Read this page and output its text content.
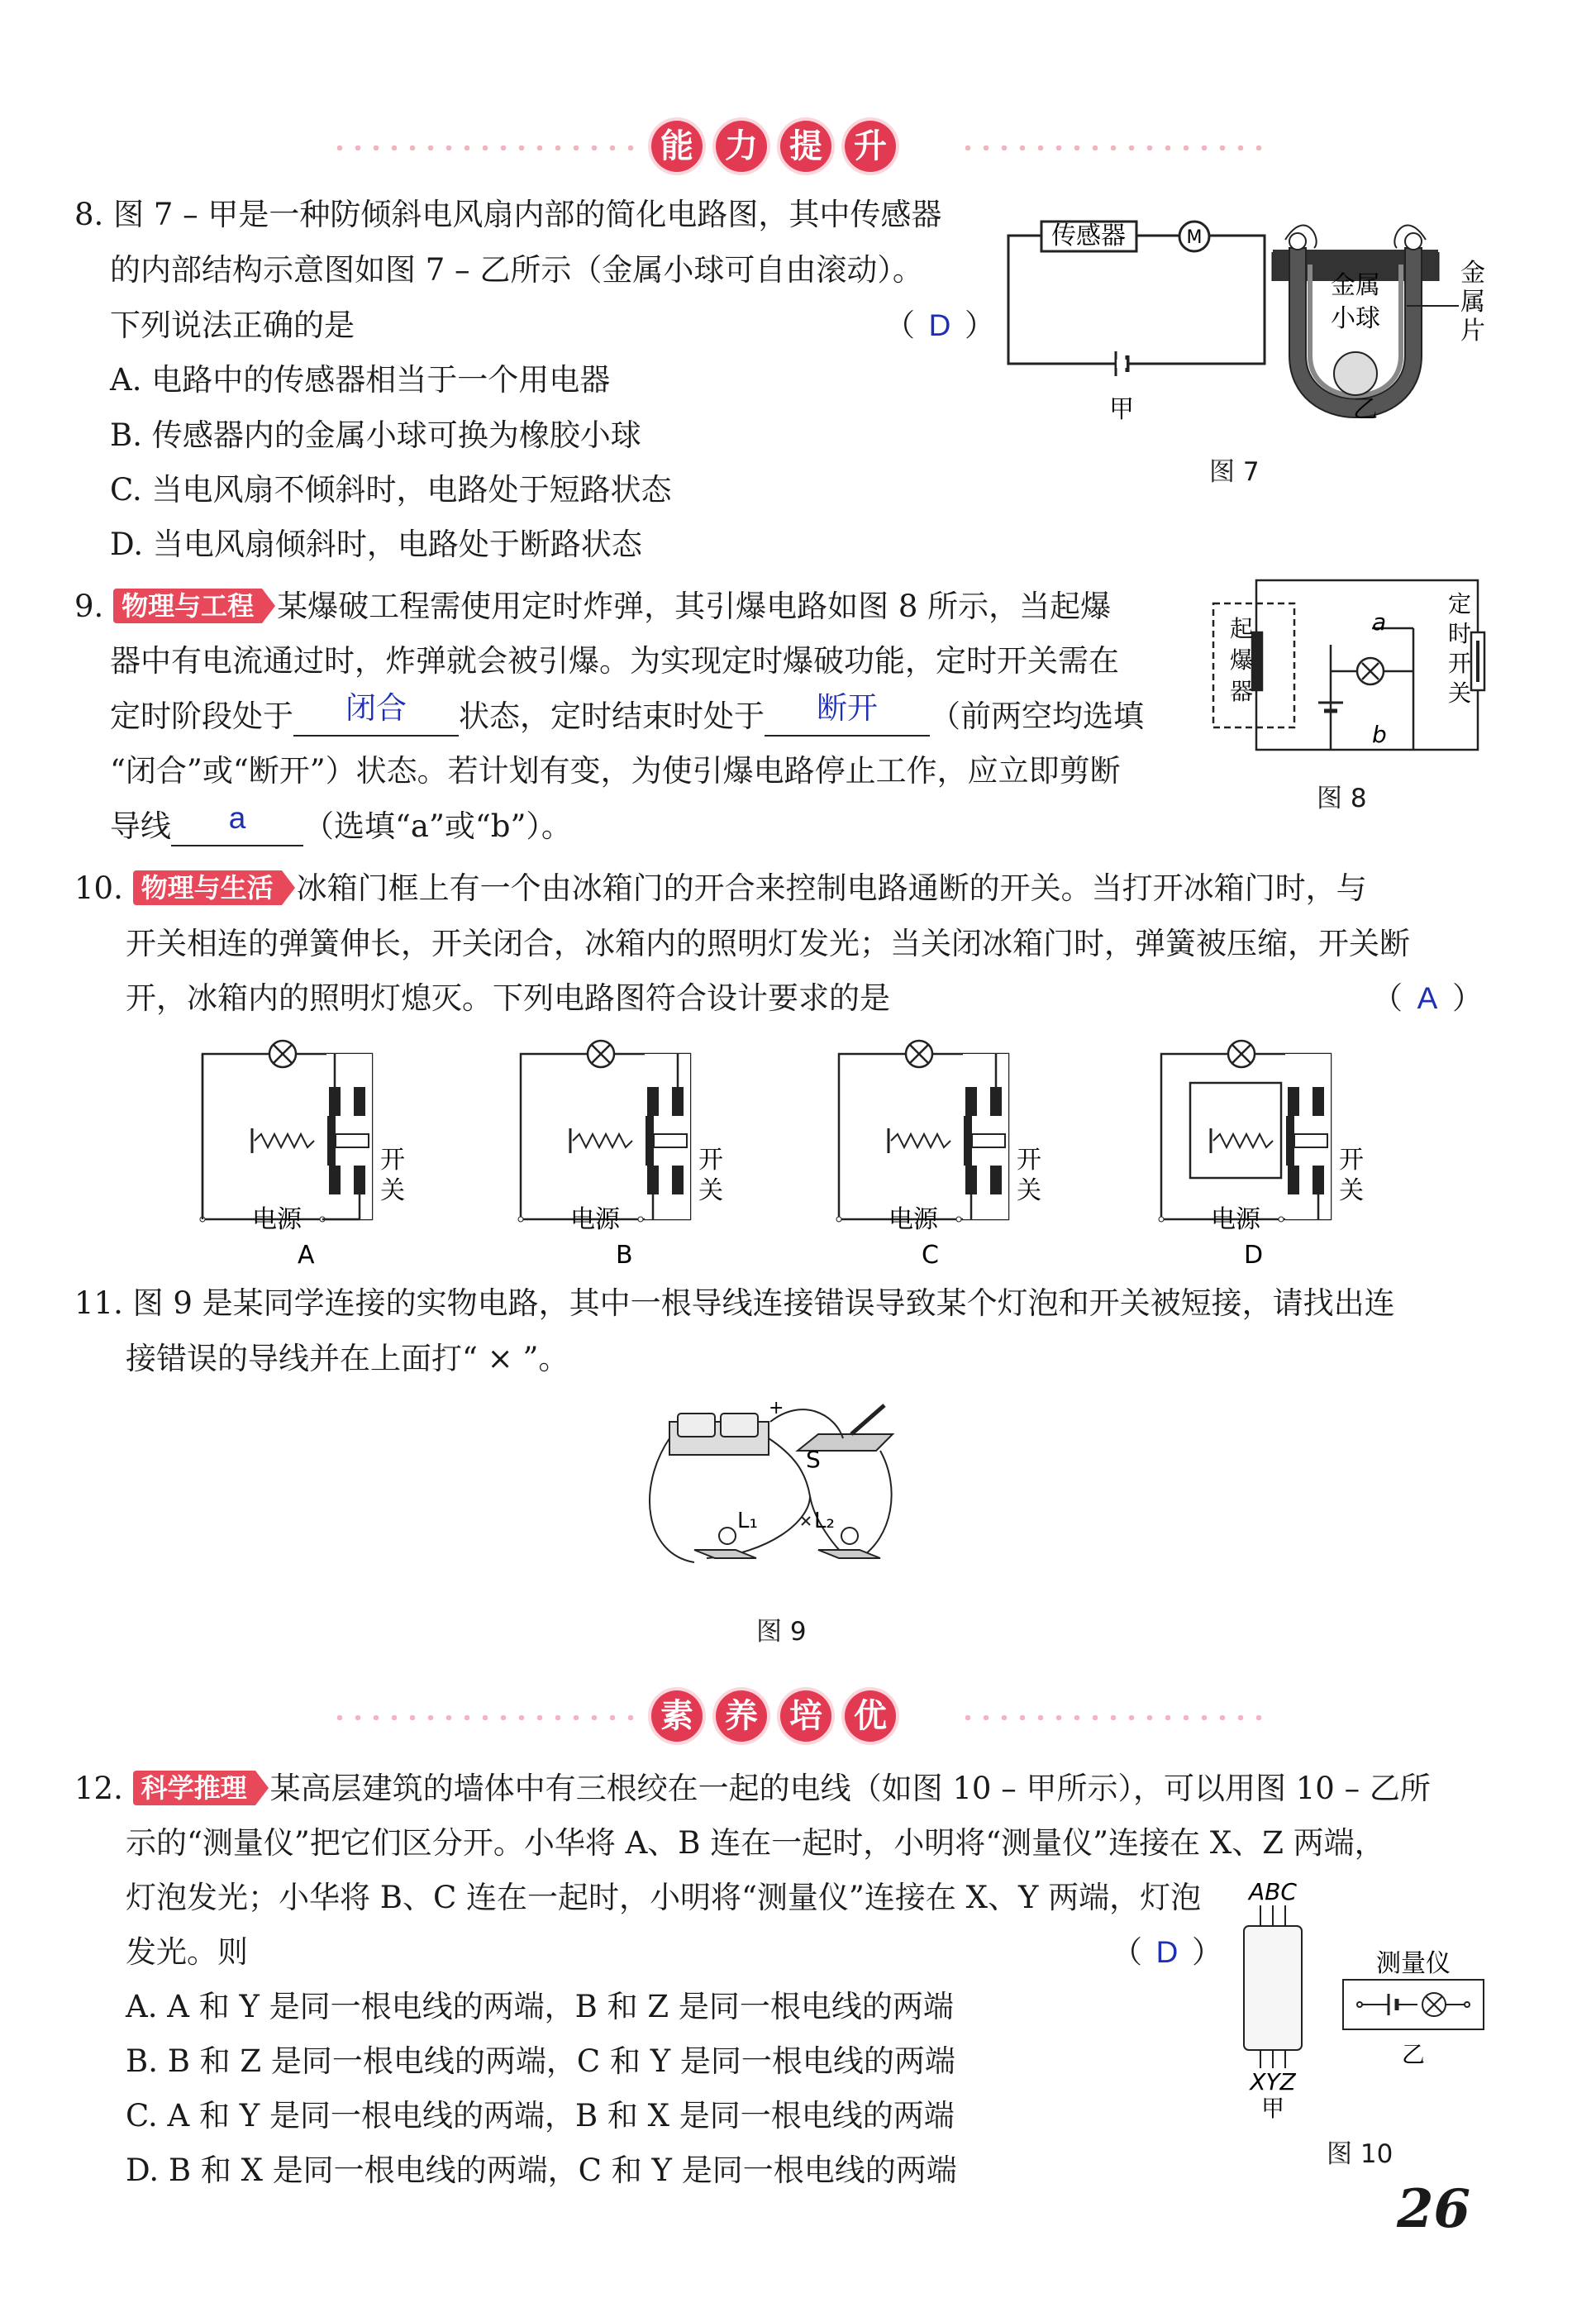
能 力 提 升
8. 图 7 – 甲是一种防倾斜电风扇内部的简化电路图，其中传感器
的内部结构示意图如图 7 – 乙所示（金属小球可自由滚动）。
下列说法正确的是	（ D ）
A. 电路中的传感器相当于一个用电器
B. 传感器内的金属小球可换为橡胶小球
C. 当电风扇不倾斜时，电路处于短路状态
D. 当电风扇倾斜时，电路处于断路状态
传感器	M
甲
金属
小球
金
属
片
乙
图 7
9. 物理与工程 某爆破工程需使用定时炸弹，其引爆电路如图 8 所示，当起爆
器中有电流通过时，炸弹就会被引爆。为实现定时爆破功能，定时开关需在
定时阶段处于 闭合 状态，定时结束时处于 断开 （前两空均选填
“闭合”或“断开”）状态。若计划有变，为使引爆电路停止工作，应立即剪断
导线 a （选填“a”或“b”）。
a
b
起
爆
器
定
时
开
关
图 8
10. 物理与生活 冰箱门框上有一个由冰箱门的开合来控制电路通断的开关。当打开冰箱门时，与
开关相连的弹簧伸长，开关闭合，冰箱内的照明灯发光；当关闭冰箱门时，弹簧被压缩，开关断
开，冰箱内的照明灯熄灭。下列电路图符合设计要求的是	（ A ）
电源	电源	电源	电源
开
关
开
关
开
关
开
关
A	B	C	D
11. 图 9 是某同学连接的实物电路，其中一根导线连接错误导致某个灯泡和开关被短接，请找出连
接错误的导线并在上面打“ × ”。
S
+
L₁	L₂
图 9
素 养 培 优
12. 科学推理 某高层建筑的墙体中有三根绞在一起的电线（如图 10 – 甲所示），可以用图 10 – 乙所
示的“测量仪”把它们区分开。小华将 A、B 连在一起时，小明将“测量仪”连接在 X、Z 两端，
灯泡发光；小华将 B、C 连在一起时，小明将“测量仪”连接在 X、Y 两端，灯泡
发光。则	（ D ）
A. A 和 Y 是同一根电线的两端，B 和 Z 是同一根电线的两端
B. B 和 Z 是同一根电线的两端，C 和 Y 是同一根电线的两端
C. A 和 Y 是同一根电线的两端，B 和 X 是同一根电线的两端
D. B 和 X 是同一根电线的两端，C 和 Y 是同一根电线的两端
ABC
XYZ
甲
测量仪
乙
图 10
26
